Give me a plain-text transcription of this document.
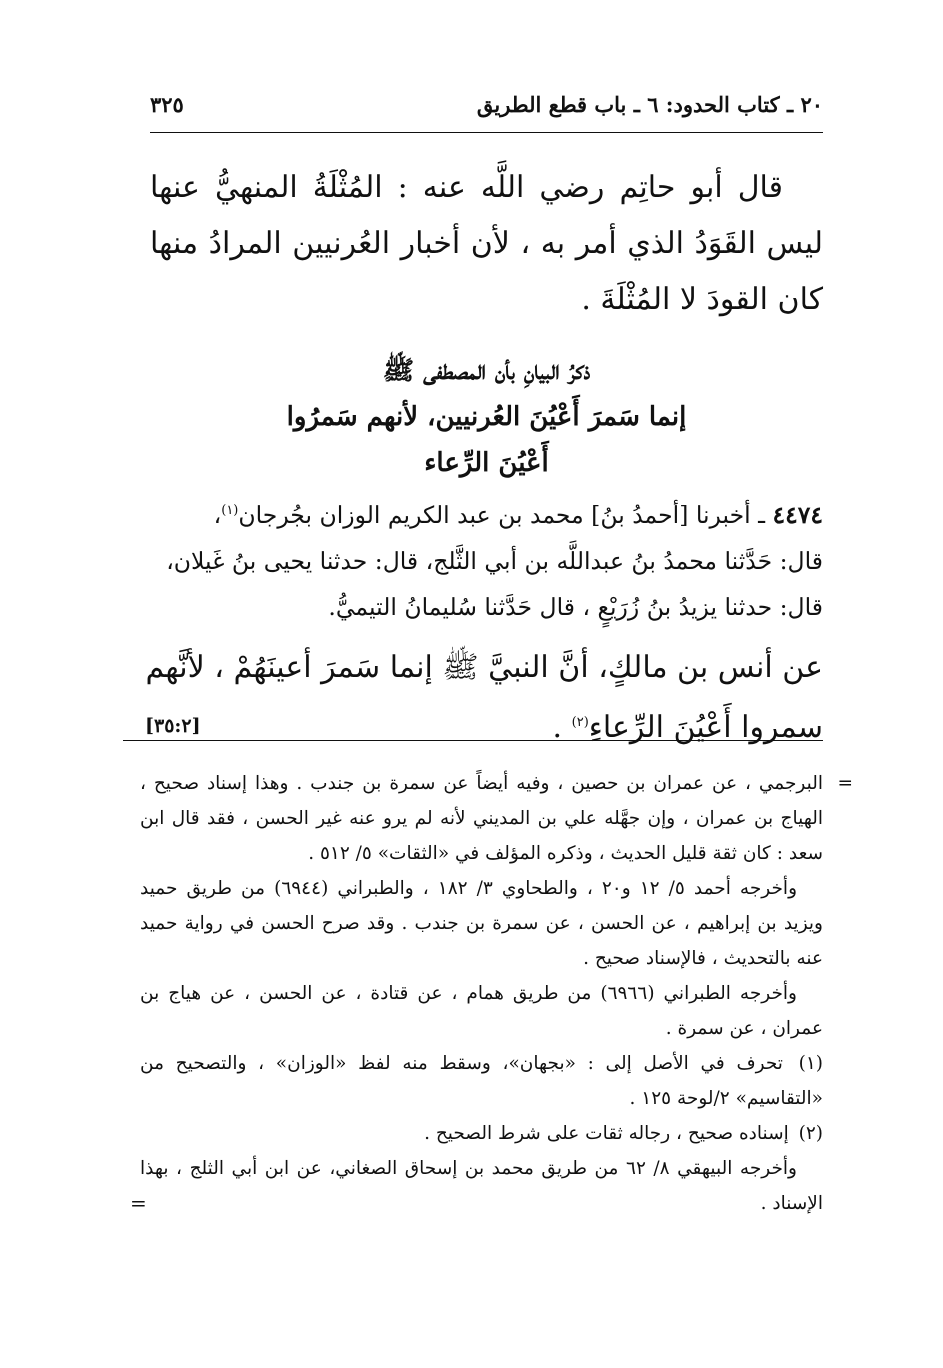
٢٠ ـ كتاب الحدود: ٦ ـ باب قطع الطريق
٣٢٥
قال أبو حاتِم رضي اللَّه عنه : المُثْلَةُ المنهيُّ عنها ليس القَوَدُ الذي أمر به ، لأن أخبار العُرنيين المرادُ منها كان القودَ لا المُثْلَةَ .
ذكرُ البيانِ بأن المصطفى ﷺ
إنما سَمرَ أَعْيُنَ العُرنيين، لأنهم سَمرُوا
أَعْيُنَ الرِّعاء
٤٤٧٤ ـ أخبرنا [أحمدُ بنُ] محمد بن عبد الكريم الوزان بجُرجان$^{(١)}$،
قال: حَدَّثنا محمدُ بنُ عبداللَّه بن أبي الثَّلج، قال: حدثنا يحيى بنُ غَيلان،
قال: حدثنا يزيدُ بنُ زُرَيْعٍ ، قال حَدَّثنا سُليمانُ التيميُّ.
عن أنس بن مالكٍ، أنَّ النبيَّ ﷺ إنما سَمرَ أعينَهُمْ ، لأنَّهم
سمروا أَعْيُنَ الرِّعاءِ$^{(٢)}$ .
[٣٥:٢]
=
البرجمي ، عن عمران بن حصين ، وفيه أيضاً عن سمرة بن جندب . وهذا إسناد صحيح ، الهياج بن عمران ، وإن جهَّله علي بن المديني لأنه لم يرو عنه غير الحسن ، فقد قال ابن سعد : كان ثقة قليل الحديث ، وذكره المؤلف في «الثقات» ٥/ ٥١٢ .
وأخرجه أحمد ٥/ ١٢ و٢٠ ، والطحاوي ٣/ ١٨٢ ، والطبراني (٦٩٤٤) من طريق حميد ويزيد بن إبراهيم ، عن الحسن ، عن سمرة بن جندب . وقد صرح الحسن في رواية حميد عنه بالتحديث ، فالإسناد صحيح .
وأخرجه الطبراني (٦٩٦٦) من طريق همام ، عن قتادة ، عن الحسن ، عن هياج بن عمران ، عن سمرة .
(١) تحرف في الأصل إلى : «بجهان»، وسقط منه لفظ «الوزان» ، والتصحيح من «التقاسيم» ٢/لوحة ١٢٥ .
(٢) إسناده صحيح ، رجاله ثقات على شرط الصحيح .
وأخرجه البيهقي ٨/ ٦٢ من طريق محمد بن إسحاق الصغاني، عن ابن أبي الثلج ، بهذا الإسناد .
=
